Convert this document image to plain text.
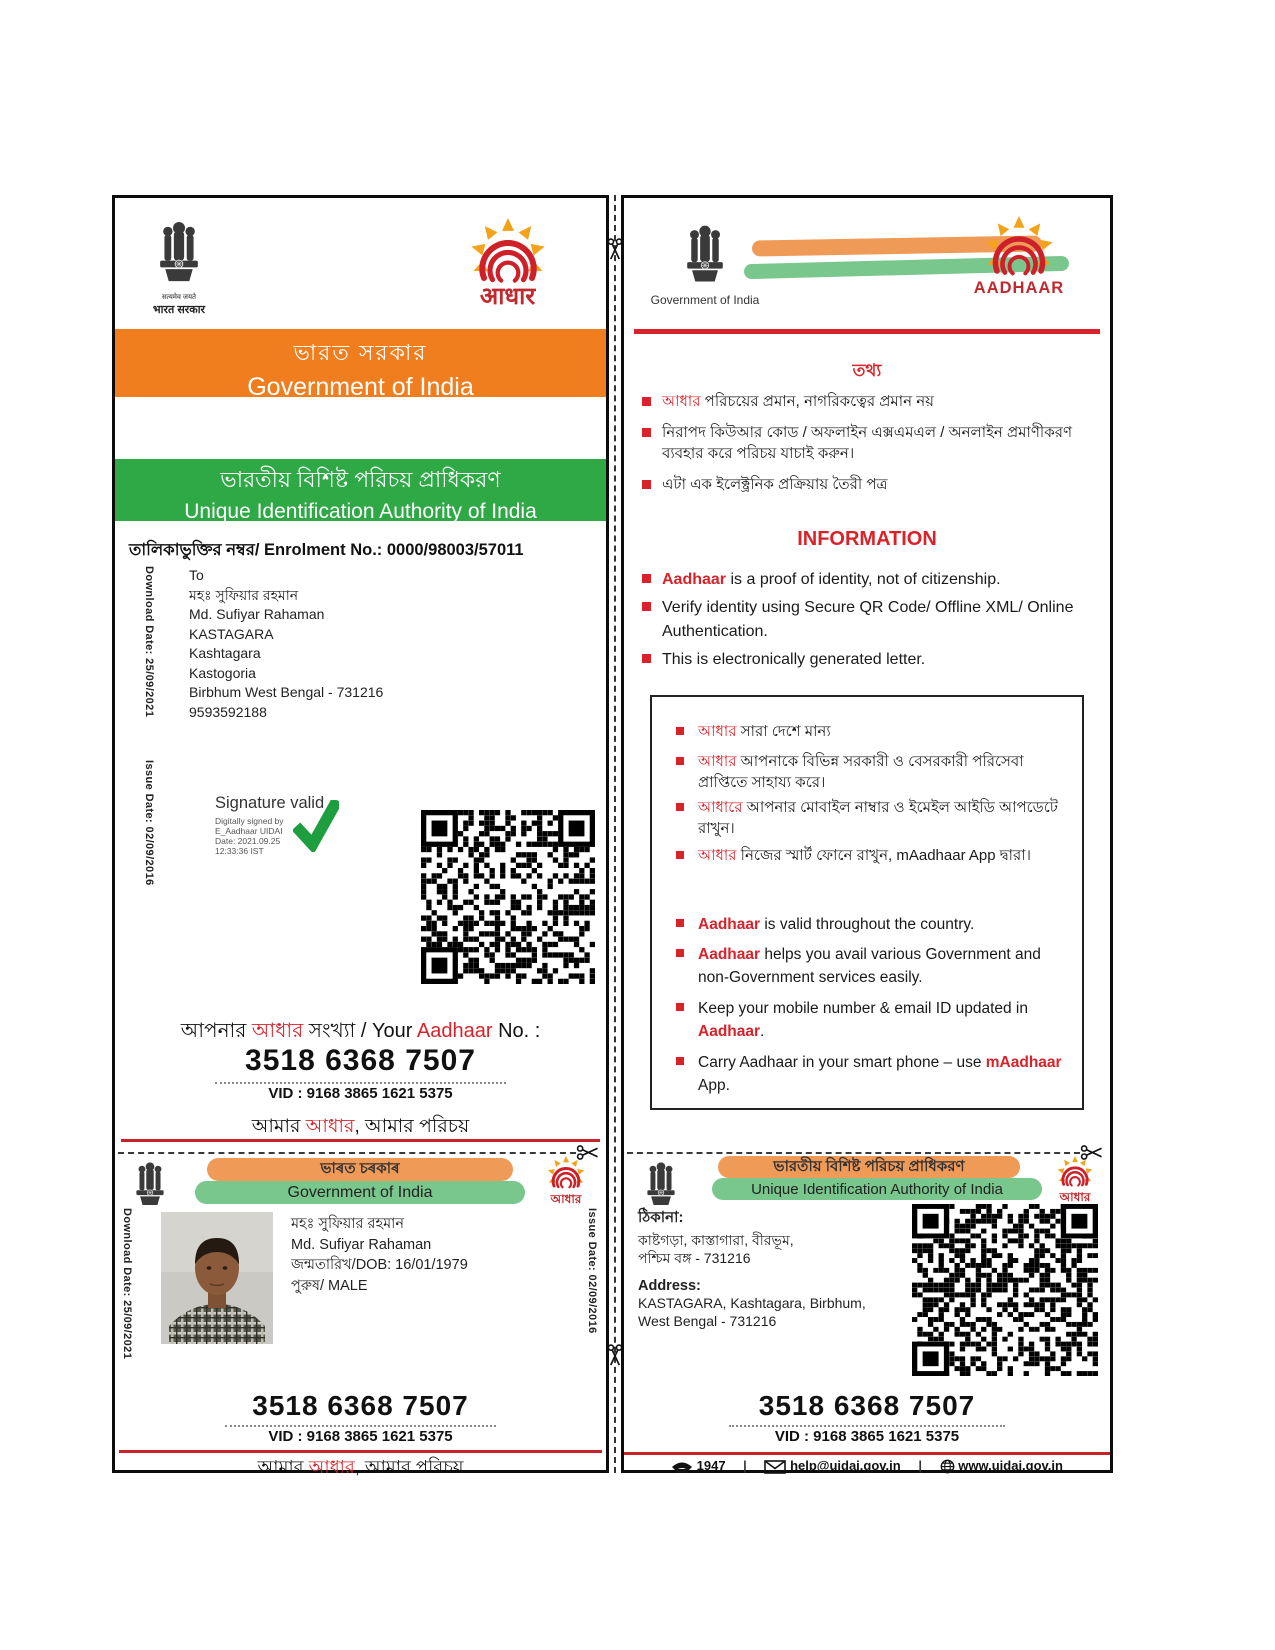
सत्यमेव जयते
भारत सरकार	आधार
ভারত সরকার
Government of India
ভারতীয় বিশিষ্ট পরিচয় প্রাধিকরণ
Unique Identification Authority of India
তালিকাভুক্তির নম্বর/ Enrolment No.: 0000/98003/57011
Download Date: 25/09/2021
Issue Date: 02/09/2016
To
মহঃ সুফিয়ার রহমান
Md. Sufiyar Rahaman
KASTAGARA
Kashtagara
Kastogoria
Birbhum West Bengal - 731216
9593592188
Signature valid
Digitally signed by
E_Aadhaar UIDAI
Date: 2021.09.25
12:33:36 IST
আপনার আধার সংখ্যা / Your Aadhaar No. :
3518 6368 7507
VID : 9168 3865 1621 5375
আমার আধার, আমার পরিচয়
ভাৰত চৰকাৰ
Government of India	আধার
Download Date: 25/09/2021	Issue Date: 02/09/2016
মহঃ সুফিয়ার রহমান
Md. Sufiyar Rahaman
জন্মতারিখ/DOB: 16/01/1979
পুরুষ/ MALE
3518 6368 7507
VID : 9168 3865 1621 5375
আমার আধার, আমার পরিচয়
Government of India
AADHAAR
তথ্য
আধার পরিচয়ের প্রমান, নাগরিকত্বের প্রমান নয়
নিরাপদ কিউআর কোড / অফলাইন এক্সএমএল / অনলাইন প্রমাণীকরণ ব্যবহার করে পরিচয় যাচাই করুন।
এটা এক ইলেক্ট্রনিক প্রক্রিয়ায় তৈরী পত্র
INFORMATION
Aadhaar is a proof of identity, not of citizenship.
Verify identity using Secure QR Code/ Offline XML/ Online Authentication.
This is electronically generated letter.
আধার সারা দেশে মান্য
আধার আপনাকে বিভিন্ন সরকারী ও বেসরকারী পরিসেবা প্রাপ্তিতে সাহায্য করে।
আধারে আপনার মোবাইল নাম্বার ও ইমেইল আইডি আপডেটে রাখুন।
আধার নিজের স্মার্ট ফোনে রাখুন, mAadhaar App দ্বারা।
Aadhaar is valid throughout the country.
Aadhaar helps you avail various Government and non-Government services easily.
Keep your mobile number & email ID updated in Aadhaar.
Carry Aadhaar in your smart phone – use mAadhaar App.
ভারতীয় বিশিষ্ট পরিচয় প্রাধিকরণ
Unique Identification Authority of India	আধার
ঠিকানা:
কাষ্টগড়া, কাস্তাগারা, বীরভূম,
পশ্চিম বঙ্গ - 731216
Address:
KASTAGARA, Kashtagara, Birbhum,
West Bengal - 731216
3518 6368 7507
VID : 9168 3865 1621 5375
1947 |	help@uidai.gov.in |	www.uidai.gov.in
